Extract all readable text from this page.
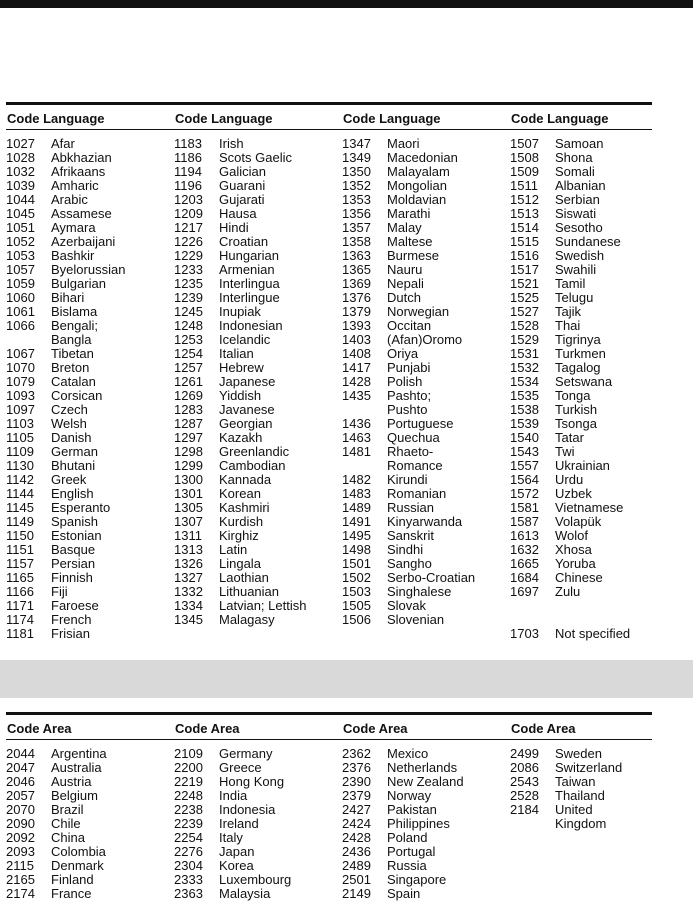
Code Language
1027	Afar
1028	Abkhazian
1032	Afrikaans
1039	Amharic
1044	Arabic
1045	Assamese
1051	Aymara
1052	Azerbaijani
1053	Bashkir
1057	Byelorussian
1059	Bulgarian
1060	Bihari
1061	Bislama
1066	Bengali;
Bangla
1067	Tibetan
1070	Breton
1079	Catalan
1093	Corsican
1097	Czech
1103	Welsh
1105	Danish
1109	German
1130	Bhutani
1142	Greek
1144	English
1145	Esperanto
1149	Spanish
1150	Estonian
1151	Basque
1157	Persian
1165	Finnish
1166	Fiji
1171	Faroese
1174	French
1181	Frisian
Code Language
1183	Irish
1186	Scots Gaelic
1194	Galician
1196	Guarani
1203	Gujarati
1209	Hausa
1217	Hindi
1226	Croatian
1229	Hungarian
1233	Armenian
1235	Interlingua
1239	Interlingue
1245	Inupiak
1248	Indonesian
1253	Icelandic
1254	Italian
1257	Hebrew
1261	Japanese
1269	Yiddish
1283	Javanese
1287	Georgian
1297	Kazakh
1298	Greenlandic
1299	Cambodian
1300	Kannada
1301	Korean
1305	Kashmiri
1307	Kurdish
1311	Kirghiz
1313	Latin
1326	Lingala
1327	Laothian
1332	Lithuanian
1334	Latvian; Lettish
1345	Malagasy
Code Language
1347	Maori
1349	Macedonian
1350	Malayalam
1352	Mongolian
1353	Moldavian
1356	Marathi
1357	Malay
1358	Maltese
1363	Burmese
1365	Nauru
1369	Nepali
1376	Dutch
1379	Norwegian
1393	Occitan
1403	(Afan)Oromo
1408	Oriya
1417	Punjabi
1428	Polish
1435	Pashto;
Pushto
1436	Portuguese
1463	Quechua
1481	Rhaeto-
Romance
1482	Kirundi
1483	Romanian
1489	Russian
1491	Kinyarwanda
1495	Sanskrit
1498	Sindhi
1501	Sangho
1502	Serbo-Croatian
1503	Singhalese
1505	Slovak
1506	Slovenian
Code Language
1507	Samoan
1508	Shona
1509	Somali
1511	Albanian
1512	Serbian
1513	Siswati
1514	Sesotho
1515	Sundanese
1516	Swedish
1517	Swahili
1521	Tamil
1525	Telugu
1527	Tajik
1528	Thai
1529	Tigrinya
1531	Turkmen
1532	Tagalog
1534	Setswana
1535	Tonga
1538	Turkish
1539	Tsonga
1540	Tatar
1543	Twi
1557	Ukrainian
1564	Urdu
1572	Uzbek
1581	Vietnamese
1587	Volapük
1613	Wolof
1632	Xhosa
1665	Yoruba
1684	Chinese
1697	Zulu
1703	Not specified
Code Area
2044	Argentina
2047	Australia
2046	Austria
2057	Belgium
2070	Brazil
2090	Chile
2092	China
2093	Colombia
2115	Denmark
2165	Finland
2174	France
Code Area
2109	Germany
2200	Greece
2219	Hong Kong
2248	India
2238	Indonesia
2239	Ireland
2254	Italy
2276	Japan
2304	Korea
2333	Luxembourg
2363	Malaysia
Code Area
2362	Mexico
2376	Netherlands
2390	New Zealand
2379	Norway
2427	Pakistan
2424	Philippines
2428	Poland
2436	Portugal
2489	Russia
2501	Singapore
2149	Spain
Code Area
2499	Sweden
2086	Switzerland
2543	Taiwan
2528	Thailand
2184	United
Kingdom
